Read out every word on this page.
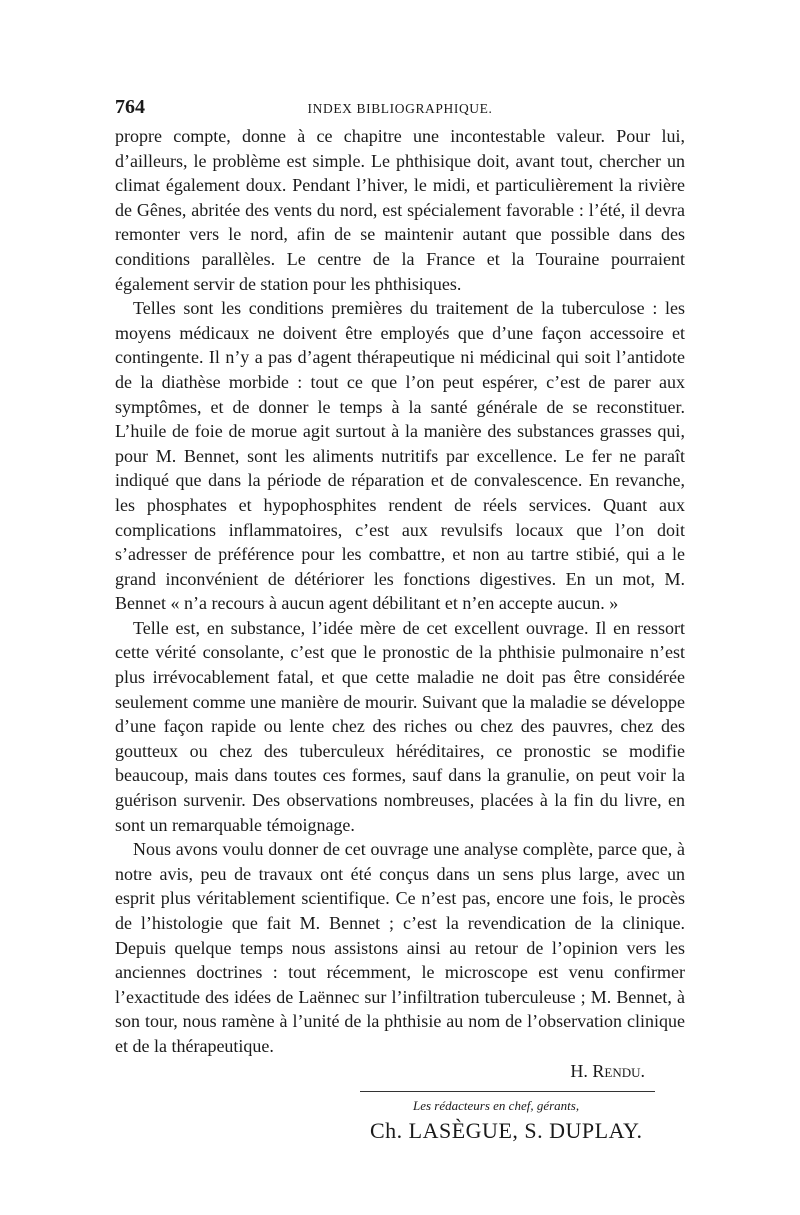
764	INDEX BIBLIOGRAPHIQUE.

propre compte, donne à ce chapitre une incontestable valeur. Pour lui, d’ailleurs, le problème est simple. Le phthisique doit, avant tout, chercher un climat également doux. Pendant l’hiver, le midi, et particulièrement la rivière de Gênes, abritée des vents du nord, est spécialement favorable : l’été, il devra remonter vers le nord, afin de se maintenir autant que possible dans des conditions parallèles. Le centre de la France et la Touraine pourraient également servir de station pour les phthisiques.

Telles sont les conditions premières du traitement de la tuberculose : les moyens médicaux ne doivent être employés que d’une façon accessoire et contingente. Il n’y a pas d’agent thérapeutique ni médicinal qui soit l’antidote de la diathèse morbide : tout ce que l’on peut espérer, c’est de parer aux symptômes, et de donner le temps à la santé générale de se reconstituer. L’huile de foie de morue agit surtout à la manière des substances grasses qui, pour M. Bennet, sont les aliments nutritifs par excellence. Le fer ne paraît indiqué que dans la période de réparation et de convalescence. En revanche, les phosphates et hypophosphites rendent de réels services. Quant aux complications inflammatoires, c’est aux revulsifs locaux que l’on doit s’adresser de préférence pour les combattre, et non au tartre stibié, qui a le grand inconvénient de détériorer les fonctions digestives. En un mot, M. Bennet « n’a recours à aucun agent débilitant et n’en accepte aucun. »

Telle est, en substance, l’idée mère de cet excellent ouvrage. Il en ressort cette vérité consolante, c’est que le pronostic de la phthisie pulmonaire n’est plus irrévocablement fatal, et que cette maladie ne doit pas être considérée seulement comme une manière de mourir. Suivant que la maladie se développe d’une façon rapide ou lente chez des riches ou chez des pauvres, chez des goutteux ou chez des tuberculeux héréditaires, ce pronostic se modifie beaucoup, mais dans toutes ces formes, sauf dans la granulie, on peut voir la guérison survenir. Des observations nombreuses, placées à la fin du livre, en sont un remarquable témoignage.

Nous avons voulu donner de cet ouvrage une analyse complète, parce que, à notre avis, peu de travaux ont été conçus dans un sens plus large, avec un esprit plus véritablement scientifique. Ce n’est pas, encore une fois, le procès de l’histologie que fait M. Bennet ; c’est la revendication de la clinique. Depuis quelque temps nous assistons ainsi au retour de l’opinion vers les anciennes doctrines : tout récemment, le microscope est venu confirmer l’exactitude des idées de Laënnec sur l’infiltration tuberculeuse ; M. Bennet, à son tour, nous ramène à l’unité de la phthisie au nom de l’observation clinique et de la thérapeutique.

H. Rendu.
Les rédacteurs en chef, gérants,
Ch. LASÈGUE, S. DUPLAY.
